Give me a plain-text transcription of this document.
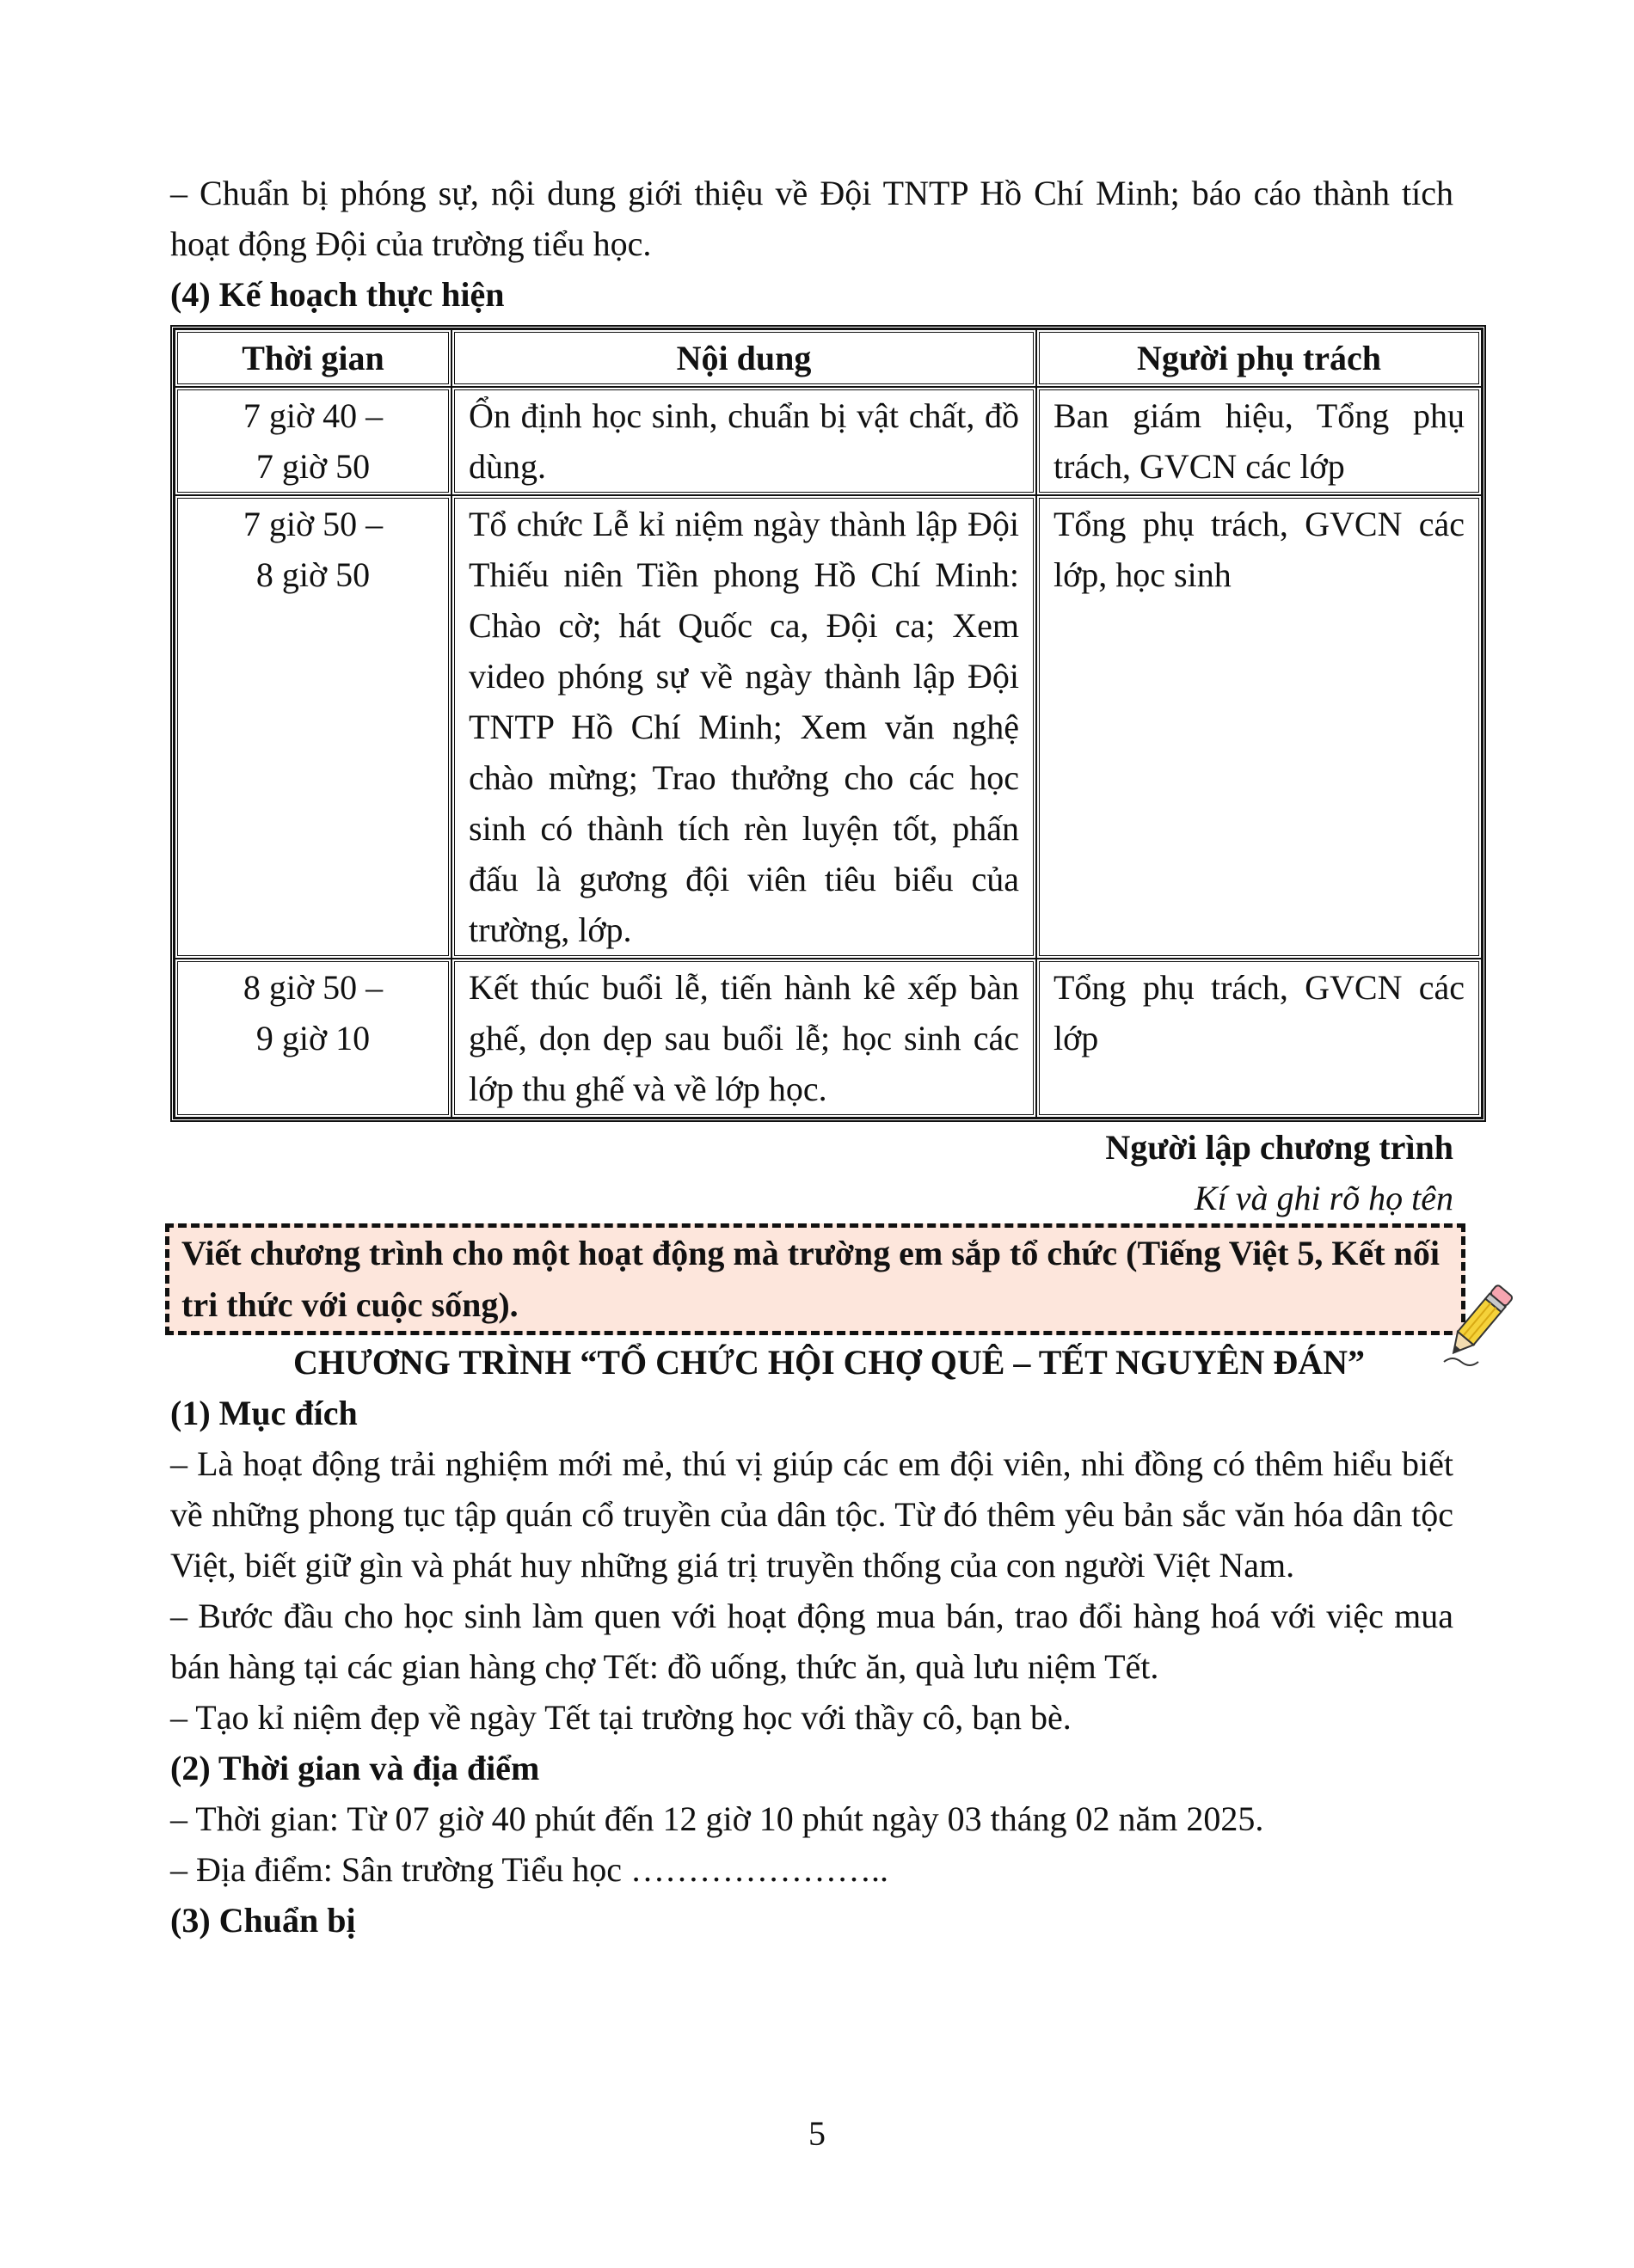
– Chuẩn bị phóng sự, nội dung giới thiệu về Đội TNTP Hồ Chí Minh; báo cáo thành tích hoạt động Đội của trường tiểu học.

(4) Kế hoạch thực hiện

Thời gian	Nội dung	Người phụ trách

7 giờ 40 –
7 giờ 50	Ổn định học sinh, chuẩn bị vật chất, đồ dùng.	Ban giám hiệu, Tổng phụ trách, GVCN các lớp

7 giờ 50 –
8 giờ 50	Tổ chức Lễ kỉ niệm ngày thành lập Đội Thiếu niên Tiền phong Hồ Chí Minh: Chào cờ; hát Quốc ca, Đội ca; Xem video phóng sự về ngày thành lập Đội TNTP Hồ Chí Minh; Xem văn nghệ chào mừng; Trao thưởng cho các học sinh có thành tích rèn luyện tốt, phấn đấu là gương đội viên tiêu biểu của trường, lớp.	Tổng phụ trách, GVCN các lớp, học sinh

8 giờ 50 –
9 giờ 10	Kết thúc buổi lễ, tiến hành kê xếp bàn ghế, dọn dẹp sau buổi lễ; học sinh các lớp thu ghế và về lớp học.	Tổng phụ trách, GVCN các lớp
Người lập chương trình
Kí và ghi rõ họ tên
Viết chương trình cho một hoạt động mà trường em sắp tổ chức (Tiếng Việt 5, Kết nối tri thức với cuộc sống).

CHƯƠNG TRÌNH “TỔ CHỨC HỘI CHỢ QUÊ – TẾT NGUYÊN ĐÁN”

(1) Mục đích

– Là hoạt động trải nghiệm mới mẻ, thú vị giúp các em đội viên, nhi đồng có thêm hiểu biết về những phong tục tập quán cổ truyền của dân tộc. Từ đó thêm yêu bản sắc văn hóa dân tộc Việt, biết giữ gìn và phát huy những giá trị truyền thống của con người Việt Nam.

– Bước đầu cho học sinh làm quen với hoạt động mua bán, trao đổi hàng hoá với việc mua bán hàng tại các gian hàng chợ Tết: đồ uống, thức ăn, quà lưu niệm Tết.

– Tạo kỉ niệm đẹp về ngày Tết tại trường học với thầy cô, bạn bè.

(2) Thời gian và địa điểm

– Thời gian: Từ 07 giờ 40 phút đến 12 giờ 10 phút ngày 03 tháng 02 năm 2025.

– Địa điểm: Sân trường Tiểu học …………………..

(3) Chuẩn bị

5
